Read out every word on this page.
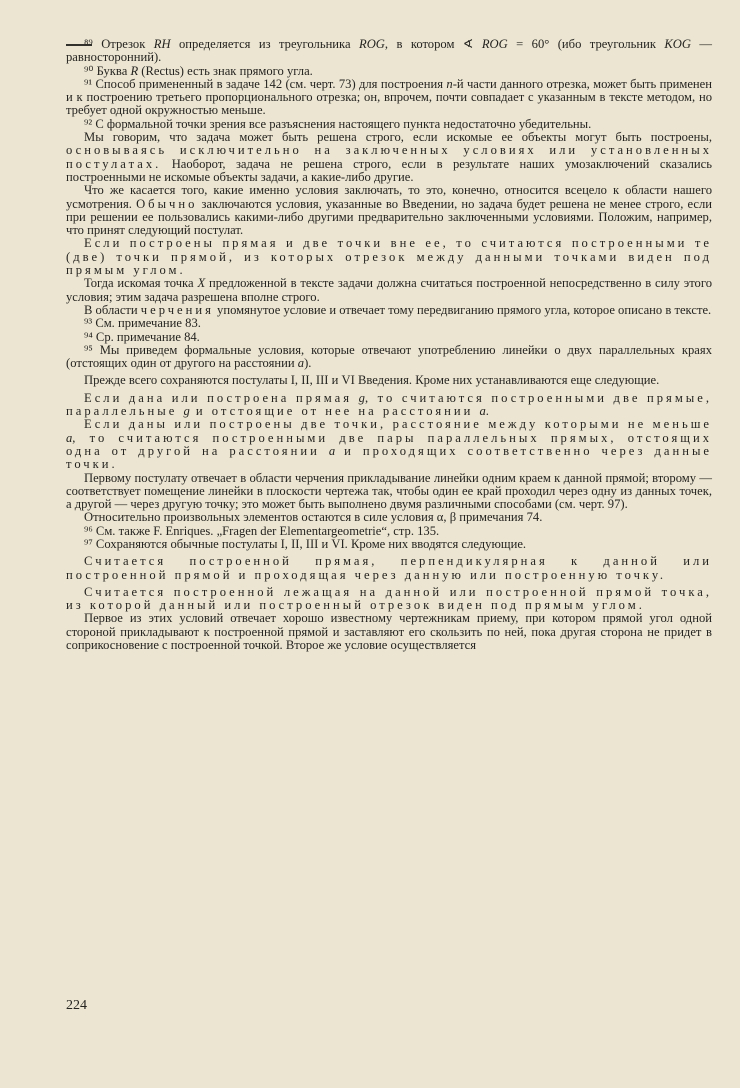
⁸⁹ Отрезок RH определяется из треугольника ROG, в котором ∢ ROG = 60° (ибо треугольник KOG — равносторонний).

⁹⁰ Буква R (Rectus) есть знак прямого угла.

⁹¹ Способ примененный в задаче 142 (см. черт. 73) для построения n-й части данного отрезка, может быть применен и к построению третьего пропорционального отрезка; он, впрочем, почти совпадает с указанным в тексте методом, но требует одной окружностью меньше.

⁹² С формальной точки зрения все разъяснения настоящего пункта недостаточно убедительны.

Мы говорим, что задача может быть решена строго, если искомые ее объекты могут быть построены, основываясь исключительно на заключенных условиях или установленных постулатах. Наоборот, задача не решена строго, если в результате наших умозаключений сказались построенными не искомые объекты задачи, а какие-либо другие.

Что же касается того, какие именно условия заключать, то это, конечно, относится всецело к области нашего усмотрения. Обычно заключаются условия, указанные во Введении, но задача будет решена не менее строго, если при решении ее пользовались какими-либо другими предварительно заключенными условиями. Положим, например, что принят следующий постулат.

Если построены прямая и две точки вне ее, то считаются построенными те (две) точки прямой, из которых отрезок между данными точками виден под прямым углом.

Тогда искомая точка X предложенной в тексте задачи должна считаться построенной непосредственно в силу этого условия; этим задача разрешена вполне строго.

В области черчения упомянутое условие и отвечает тому передвиганию прямого угла, которое описано в тексте.

⁹³ См. примечание 83.

⁹⁴ Ср. примечание 84.

⁹⁵ Мы приведем формальные условия, которые отвечают употреблению линейки о двух параллельных краях (отстоящих один от другого на расстоянии a).

Прежде всего сохраняются постулаты I, II, III и VI Введения. Кроме них устанавливаются еще следующие.

Если дана или построена прямая g, то считаются построенными две прямые, параллельные g и отстоящие от нее на расстоянии a.

Если даны или построены две точки, расстояние между которыми не меньше a, то считаются построенными две пары параллельных прямых, отстоящих одна от другой на расстоянии a и проходящих соответственно через данные точки.

Первому постулату отвечает в области черчения прикладывание линейки одним краем к данной прямой; второму — соответствует помещение линейки в плоскости чертежа так, чтобы один ее край проходил через одну из данных точек, а другой — через другую точку; это может быть выполнено двумя различными способами (см. черт. 97).

Относительно произвольных элементов остаются в силе условия α, β примечания 74.

⁹⁶ См. также F. Enriques. „Fragen der Elementargeometrie“, стр. 135.

⁹⁷ Сохраняются обычные постулаты I, II, III и VI. Кроме них вводятся следующие.

Считается построенной прямая, перпендикулярная к данной или построенной прямой и проходящая через данную или построенную точку.

Считается построенной лежащая на данной или построенной прямой точка, из которой данный или построенный отрезок виден под прямым углом.

Первое из этих условий отвечает хорошо известному чертежникам приему, при котором прямой угол одной стороной прикладывают к построенной прямой и заставляют его скользить по ней, пока другая сторона не придет в соприкосновение с построенной точкой. Второе же условие осуществляется

224
